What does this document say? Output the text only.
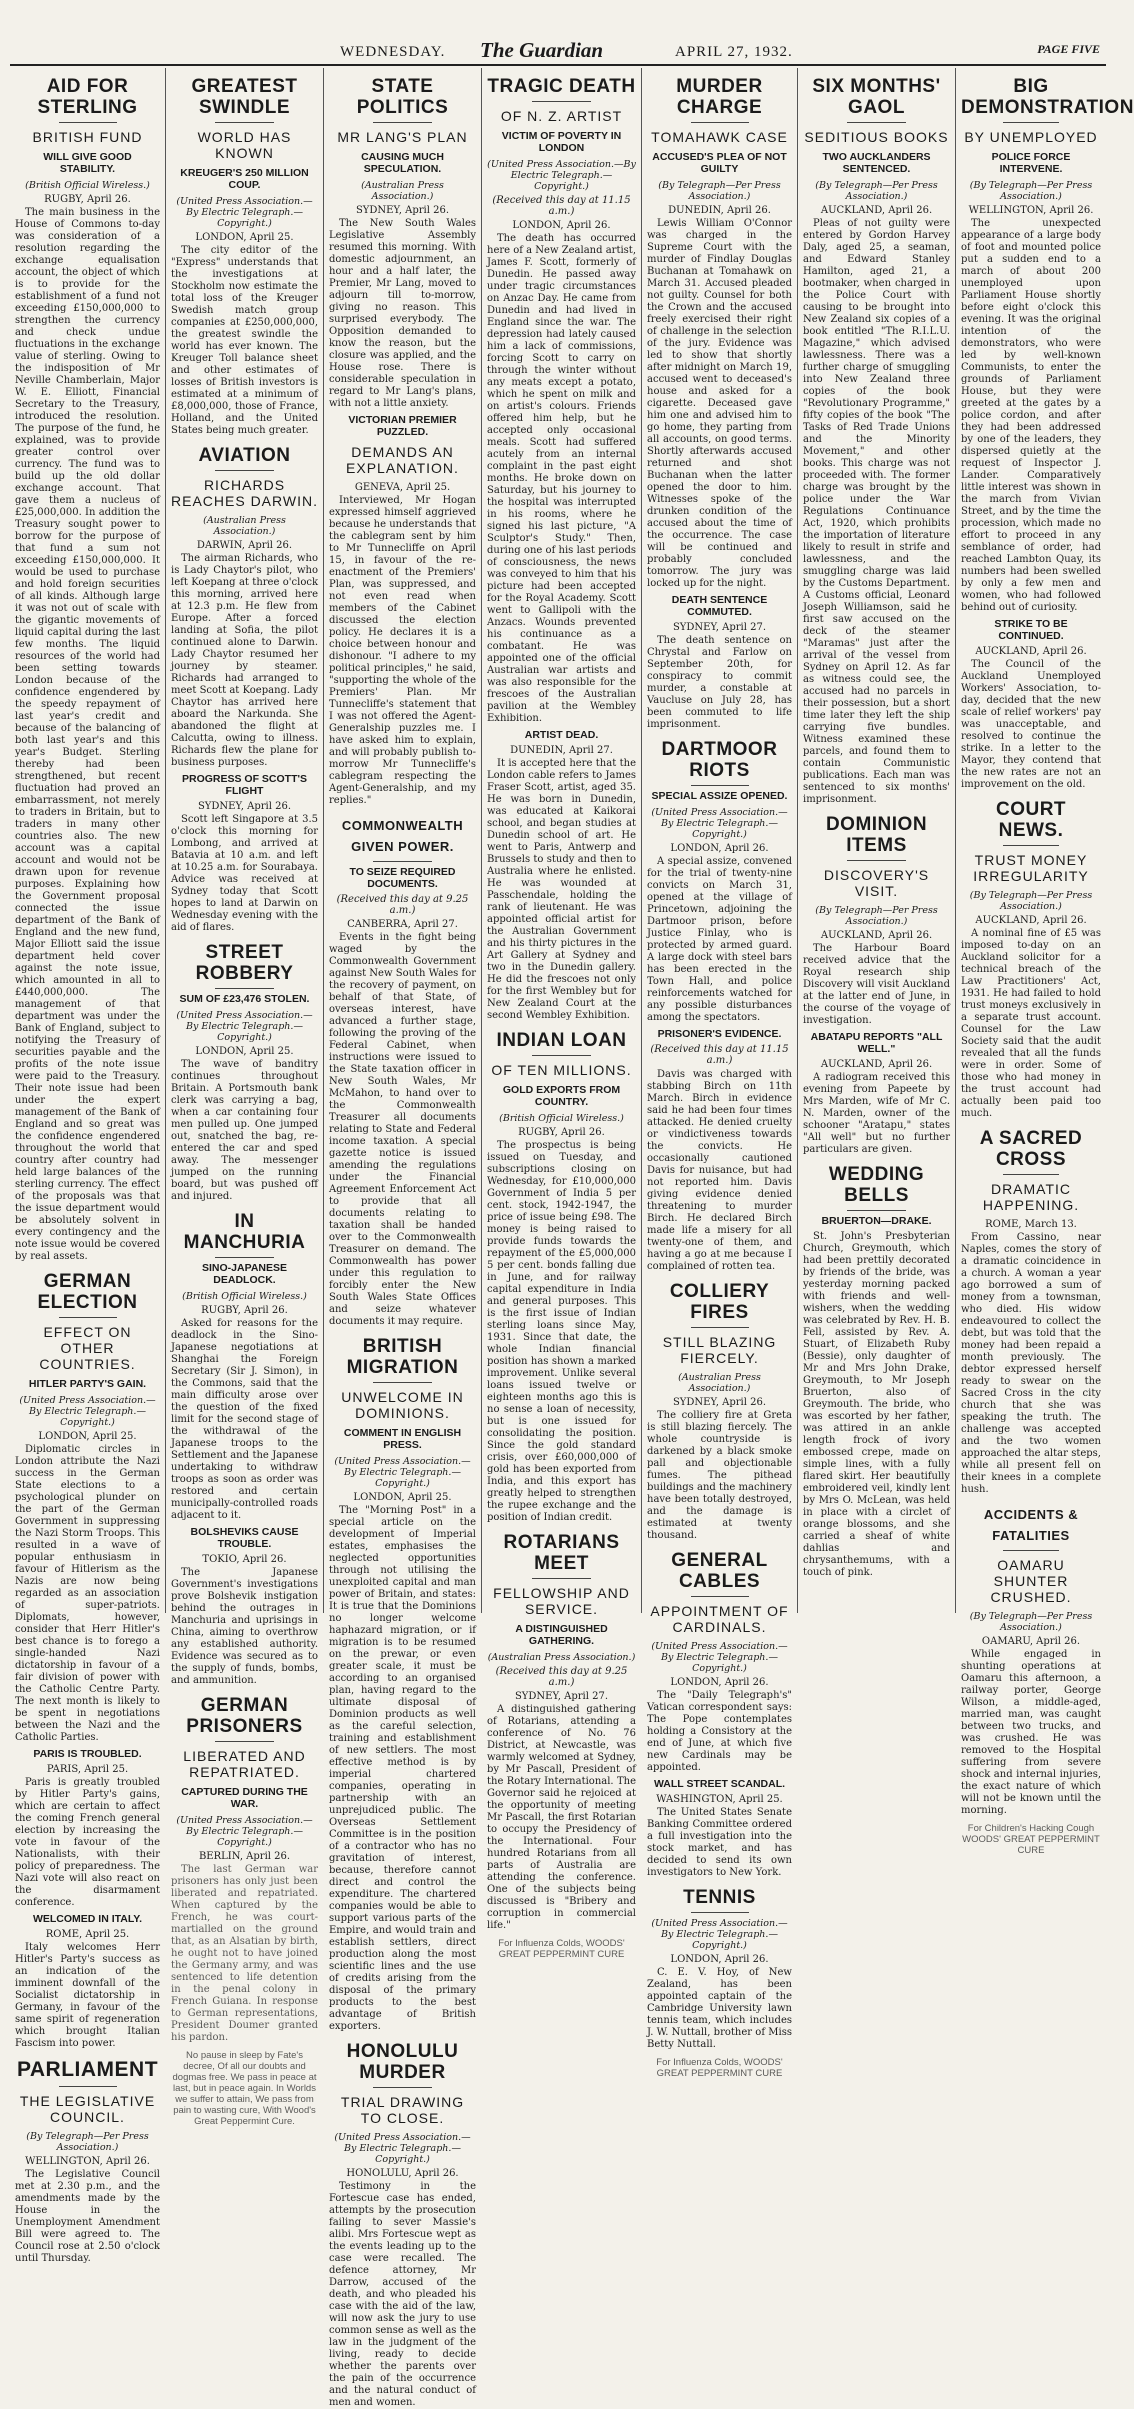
WEDNESDAY. The Guardian	APRIL 27, 1932.	PAGE FIVE
AID FOR STERLING
BRITISH FUND
WILL GIVE GOOD STABILITY.
(British Official Wireless.)
RUGBY, April 26.

The main business in the House of Commons to-day was consideration of a resolution regarding the exchange equalisation account, the object of which is to provide for the establishment of a fund not exceeding £150,000,000 to strengthen the currency and check undue fluctuations in the exchange value of sterling. Owing to the indisposition of Mr Neville Chamberlain, Major W. E. Elliott, Financial Secretary to the Treasury, introduced the resolution. The purpose of the fund, he explained, was to provide greater control over currency. The fund was to build up the old dollar exchange account. That gave them a nucleus of £25,000,000. In addition the Treasury sought power to borrow for the purpose of that fund a sum not exceeding £150,000,000. It would be used to purchase and hold foreign securities of all kinds. Although large it was not out of scale with the gigantic movements of liquid capital during the last few months. The liquid resources of the world had been setting towards London because of the confidence engendered by the speedy repayment of last year's credit and because of the balancing of both last year's and this year's Budget. Sterling thereby had been strengthened, but recent fluctuation had proved an embarrassment, not merely to traders in Britain, but to traders in many other countries also. The new account was a capital account and would not be drawn upon for revenue purposes. Explaining how the Government proposal connected the issue department of the Bank of England and the new fund, Major Elliott said the issue department held cover against the note issue, which amounted in all to £440,000,000. The management of that department was under the Bank of England, subject to notifying the Treasury of securities payable and the profits of the note issue were paid to the Treasury. Their note issue had been under the expert management of the Bank of England and so great was the confidence engendered throughout the world that country after country had held large balances of the sterling currency. The effect of the proposals was that the issue department would be absolutely solvent in every contingency and the note issue would be covered by real assets.

GERMAN ELECTION
EFFECT ON OTHER COUNTRIES.
HITLER PARTY'S GAIN.
(United Press Association.—By Electric Telegraph.—Copyright.)
LONDON, April 25.

Diplomatic circles in London attribute the Nazi success in the German State elections to a psychological plunder on the part of the German Government in suppressing the Nazi Storm Troops. This resulted in a wave of popular enthusiasm in favour of Hitlerism as the Nazis are now being regarded as an association of super-patriots. Diplomats, however, consider that Herr Hitler's best chance is to forego a single-handed Nazi dictatorship in favour of a fair division of power with the Catholic Centre Party. The next month is likely to be spent in negotiations between the Nazi and the Catholic Parties.

PARIS IS TROUBLED.
PARIS, April 25.

Paris is greatly troubled by Hitler Party's gains, which are certain to affect the coming French general election by increasing the vote in favour of the Nationalists, with their policy of preparedness. The Nazi vote will also react on the disarmament conference.

WELCOMED IN ITALY.
ROME, April 25.

Italy welcomes Herr Hitler's Party's success as an indication of the imminent downfall of the Socialist dictatorship in Germany, in favour of the same spirit of regeneration which brought Italian Fascism into power.

PARLIAMENT
THE LEGISLATIVE COUNCIL.
(By Telegraph—Per Press Association.)
WELLINGTON, April 26.

The Legislative Council met at 2.30 p.m., and the amendments made by the House in the Unemployment Amendment Bill were agreed to. The Council rose at 2.50 o'clock until Thursday.

GREATEST SWINDLE
WORLD HAS KNOWN
KREUGER'S 250 MILLION COUP.
(United Press Association.—By Electric Telegraph.—Copyright.)
LONDON, April 25.

The city editor of the "Express" understands that the investigations at Stockholm now estimate the total loss of the Kreuger Swedish match group companies at £250,000,000, the greatest swindle the world has ever known. The Kreuger Toll balance sheet and other estimates of losses of British investors is estimated at a minimum of £8,000,000, those of France, Holland, and the United States being much greater.

AVIATION
RICHARDS REACHES DARWIN.
(Australian Press Association.)
DARWIN, April 26.

The airman Richards, who is Lady Chaytor's pilot, who left Koepang at three o'clock this morning, arrived here at 12.3 p.m. He flew from Europe. After a forced landing at Sofia, the pilot continued alone to Darwin. Lady Chaytor resumed her journey by steamer. Richards had arranged to meet Scott at Koepang. Lady Chaytor has arrived here aboard the Narkunda. She abandoned the flight at Calcutta, owing to illness. Richards flew the plane for business purposes.

PROGRESS OF SCOTT'S FLIGHT
SYDNEY, April 26.

Scott left Singapore at 3.5 o'clock this morning for Lombong, and arrived at Batavia at 10 a.m. and left at 10.25 a.m. for Sourabaya. Advice was received at Sydney today that Scott hopes to land at Darwin on Wednesday evening with the aid of flares.

STREET ROBBERY
SUM OF £23,476 STOLEN.
(United Press Association.—By Electric Telegraph.—Copyright.)
LONDON, April 25.

The wave of banditry continues throughout Britain. A Portsmouth bank clerk was carrying a bag, when a car containing four men pulled up. One jumped out, snatched the bag, re-entered the car and sped away. The messenger jumped on the running board, but was pushed off and injured.

IN MANCHURIA
SINO-JAPANESE DEADLOCK.
(British Official Wireless.)
RUGBY, April 26.

Asked for reasons for the deadlock in the Sino-Japanese negotiations at Shanghai the Foreign Secretary (Sir J. Simon), in the Commons, said that the main difficulty arose over the question of the fixed limit for the second stage of the withdrawal of the Japanese troops to the Settlement and the Japanese undertaking to withdraw troops as soon as order was restored and certain municipally-controlled roads adjacent to it.

BOLSHEVIKS CAUSE TROUBLE.
TOKIO, April 26.

The Japanese Government's investigations prove Bolshevik instigation behind the outrages in Manchuria and uprisings in China, aiming to overthrow any established authority. Evidence was secured as to the supply of funds, bombs, and ammunition.

GERMAN PRISONERS
LIBERATED AND REPATRIATED.
CAPTURED DURING THE WAR.
(United Press Association.—By Electric Telegraph.—Copyright.)
BERLIN, April 26.

The last German war prisoners has only just been liberated and repatriated. When captured by the French, he was court-martialled on the ground that, as an Alsatian by birth, he ought not to have joined the Germany army, and was sentenced to life detention in the penal colony in French Guiana. In response to German representations, President Doumer granted his pardon.

No pause in sleep by Fate's decree, Of all our doubts and dogmas free. We pass in peace at last, but in peace again. In Worlds we suffer to attain, We pass from pain to wasting cure, With Wood's Great Peppermint Cure.
STATE POLITICS
MR LANG'S PLAN
CAUSING MUCH SPECULATION.
(Australian Press Association.)
SYDNEY, April 26.

The New South Wales Legislative Assembly resumed this morning. With domestic adjournment, an hour and a half later, the Premier, Mr Lang, moved to adjourn till to-morrow, giving no reason. This surprised everybody. The Opposition demanded to know the reason, but the closure was applied, and the House rose. There is considerable speculation in regard to Mr Lang's plans, with not a little anxiety.

VICTORIAN PREMIER PUZZLED.
DEMANDS AN EXPLANATION.
GENEVA, April 25.

Interviewed, Mr Hogan expressed himself aggrieved because he understands that the cablegram sent by him to Mr Tunnecliffe on April 15, in favour of the re-enactment of the Premiers' Plan, was suppressed, and not even read when members of the Cabinet discussed the election policy. He declares it is a choice between honour and dishonour. "I adhere to my political principles," he said, "supporting the whole of the Premiers' Plan. Mr Tunnecliffe's statement that I was not offered the Agent-Generalship puzzles me. I have asked him to explain, and will probably publish to-morrow Mr Tunnecliffe's cablegram respecting the Agent-Generalship, and my replies."

COMMONWEALTH GIVEN POWER.
TO SEIZE REQUIRED DOCUMENTS.
(Received this day at 9.25 a.m.)
CANBERRA, April 27.

Events in the fight being waged by the Commonwealth Government against New South Wales for the recovery of payment, on behalf of that State, of overseas interest, have advanced a further stage, following the proving of the Federal Cabinet, when instructions were issued to the State taxation officer in New South Wales, Mr McMahon, to hand over to the Commonwealth Treasurer all documents relating to State and Federal income taxation. A special gazette notice is issued amending the regulations under the Financial Agreement Enforcement Act to provide that all documents relating to taxation shall be handed over to the Commonwealth Treasurer on demand. The Commonwealth has power under this regulation to forcibly enter the New South Wales State Offices and seize whatever documents it may require.

BRITISH MIGRATION
UNWELCOME IN DOMINIONS.
COMMENT IN ENGLISH PRESS.
(United Press Association.—By Electric Telegraph.—Copyright.)
LONDON, April 25.

The "Morning Post" in a special article on the development of Imperial estates, emphasises the neglected opportunities through not utilising the unexploited capital and man power of Britain, and states: It is true that the Dominions no longer welcome haphazard migration, or if migration is to be resumed on the prewar, or even greater scale, it must be according to an organised plan, having regard to the ultimate disposal of Dominion products as well as the careful selection, training and establishment of new settlers. The most effective method is by imperial chartered companies, operating in partnership with an unprejudiced public. The Overseas Settlement Committee is in the position of a contractor who has no gravitation of interest, because, therefore cannot direct and control the expenditure. The chartered companies would be able to support various parts of the Empire, and would train and establish settlers, direct production along the most scientific lines and the use of credits arising from the disposal of the primary products to the best advantage of British exporters.

HONOLULU MURDER
TRIAL DRAWING TO CLOSE.
(United Press Association.—By Electric Telegraph.—Copyright.)
HONOLULU, April 26.

Testimony in the Fortescue case has ended, attempts by the prosecution failing to sever Massie's alibi. Mrs Fortescue wept as the events leading up to the case were recalled. The defence attorney, Mr Darrow, accused of the death, and who pleaded his case with the aid of the law, will now ask the jury to use common sense as well as the law in the judgment of the living, ready to decide whether the parents over the pain of the occurrence and the natural conduct of men and women.

TRAGIC DEATH
OF N. Z. ARTIST
VICTIM OF POVERTY IN LONDON
(United Press Association.—By Electric Telegraph.—Copyright.)
(Received this day at 11.15 a.m.)
LONDON, April 26.

The death has occurred here of a New Zealand artist, James F. Scott, formerly of Dunedin. He passed away under tragic circumstances on Anzac Day. He came from Dunedin and had lived in England since the war. The depression had lately caused him a lack of commissions, forcing Scott to carry on through the winter without any meats except a potato, which he spent on milk and on artist's colours. Friends offered him help, but he accepted only occasional meals. Scott had suffered acutely from an internal complaint in the past eight months. He broke down on Saturday, but his journey to the hospital was interrupted in his rooms, where he signed his last picture, "A Sculptor's Study." Then, during one of his last periods of consciousness, the news was conveyed to him that his picture had been accepted for the Royal Academy. Scott went to Gallipoli with the Anzacs. Wounds prevented his continuance as a combatant. He was appointed one of the official Australian war artists and was also responsible for the frescoes of the Australian pavilion at the Wembley Exhibition.

ARTIST DEAD.
DUNEDIN, April 27.

It is accepted here that the London cable refers to James Fraser Scott, artist, aged 35. He was born in Dunedin, was educated at Kaikorai school, and began studies at Dunedin school of art. He went to Paris, Antwerp and Brussels to study and then to Australia where he enlisted. He was wounded at Passchendale, holding the rank of lieutenant. He was appointed official artist for the Australian Government and his thirty pictures in the Art Gallery at Sydney and two in the Dunedin gallery. He did the frescoes not only for the first Wembley but for New Zealand Court at the second Wembley Exhibition.

INDIAN LOAN
OF TEN MILLIONS.
GOLD EXPORTS FROM COUNTRY.
(British Official Wireless.)
RUGBY, April 26.

The prospectus is being issued on Tuesday, and subscriptions closing on Wednesday, for £10,000,000 Government of India 5 per cent. stock, 1942-1947, the price of issue being £98. The money is being raised to provide funds towards the repayment of the £5,000,000 5 per cent. bonds falling due in June, and for railway capital expenditure in India and general purposes. This is the first issue of Indian sterling loans since May, 1931. Since that date, the whole Indian financial position has shown a marked improvement. Unlike several loans issued twelve or eighteen months ago this is no sense a loan of necessity, but is one issued for consolidating the position. Since the gold standard crisis, over £60,000,000 of gold has been exported from India, and this export has greatly helped to strengthen the rupee exchange and the position of Indian credit.

ROTARIANS MEET
FELLOWSHIP AND SERVICE.
A DISTINGUISHED GATHERING.
(Australian Press Association.)
(Received this day at 9.25 a.m.)
SYDNEY, April 27.

A distinguished gathering of Rotarians, attending a conference of No. 76 District, at Newcastle, was warmly welcomed at Sydney, by Mr Pascall, President of the Rotary International. The Governor said he rejoiced at the opportunity of meeting Mr Pascall, the first Rotarian to occupy the Presidency of the International. Four hundred Rotarians from all parts of Australia are attending the conference. One of the subjects being discussed is "Bribery and corruption in commercial life."

For Influenza Colds, WOODS' GREAT PEPPERMINT CURE
MURDER CHARGE
TOMAHAWK CASE
ACCUSED'S PLEA OF NOT GUILTY
(By Telegraph—Per Press Association.)
DUNEDIN, April 26.

Lewis William O'Connor was charged in the Supreme Court with the murder of Findlay Douglas Buchanan at Tomahawk on March 31. Accused pleaded not guilty. Counsel for both the Crown and the accused freely exercised their right of challenge in the selection of the jury. Evidence was led to show that shortly after midnight on March 19, accused went to deceased's house and asked for a cigarette. Deceased gave him one and advised him to go home, they parting from all accounts, on good terms. Shortly afterwards accused returned and shot Buchanan when the latter opened the door to him. Witnesses spoke of the drunken condition of the accused about the time of the occurrence. The case will be continued and probably concluded tomorrow. The jury was locked up for the night.

DEATH SENTENCE COMMUTED.
SYDNEY, April 27.

The death sentence on Chrystal and Farlow on September 20th, for conspiracy to commit murder, a constable at Vaucluse on July 28, has been commuted to life imprisonment.

DARTMOOR RIOTS
SPECIAL ASSIZE OPENED.
(United Press Association.—By Electric Telegraph.—Copyright.)
LONDON, April 26.

A special assize, convened for the trial of twenty-nine convicts on March 31, opened at the village of Princetown, adjoining the Dartmoor prison, before Justice Finlay, who is protected by armed guard. A large dock with steel bars has been erected in the Town Hall, and police reinforcements watched for any possible disturbances among the spectators.

PRISONER'S EVIDENCE.
(Received this day at 11.15 a.m.)

Davis was charged with stabbing Birch on 11th March. Birch in evidence said he had been four times attacked. He denied cruelty or vindictiveness towards the convicts. He occasionally cautioned Davis for nuisance, but had not reported him. Davis giving evidence denied threatening to murder Birch. He declared Birch made life a misery for all twenty-one of them, and having a go at me because I complained of rotten tea.

COLLIERY FIRES
STILL BLAZING FIERCELY.
(Australian Press Association.)
SYDNEY, April 26.

The colliery fire at Greta is still blazing fiercely. The whole countryside is darkened by a black smoke pall and objectionable fumes. The pithead buildings and the machinery have been totally destroyed, and the damage is estimated at twenty thousand.

GENERAL CABLES
APPOINTMENT OF CARDINALS.
(United Press Association.—By Electric Telegraph.—Copyright.)
LONDON, April 26.

The "Daily Telegraph's" Vatican correspondent says: The Pope contemplates holding a Consistory at the end of June, at which five new Cardinals may be appointed.

WALL STREET SCANDAL.
WASHINGTON, April 25.

The United States Senate Banking Committee ordered a full investigation into the stock market, and has decided to send its own investigators to New York.

TENNIS
(United Press Association.—By Electric Telegraph.—Copyright.)
LONDON, April 26.

C. E. V. Hoy, of New Zealand, has been appointed captain of the Cambridge University lawn tennis team, which includes J. W. Nuttall, brother of Miss Betty Nuttall.

For Influenza Colds, WOODS' GREAT PEPPERMINT CURE
SIX MONTHS' GAOL
SEDITIOUS BOOKS
TWO AUCKLANDERS SENTENCED.
(By Telegraph—Per Press Association.)
AUCKLAND, April 26.

Pleas of not guilty were entered by Gordon Harvey Daly, aged 25, a seaman, and Edward Stanley Hamilton, aged 21, a bootmaker, when charged in the Police Court with causing to be brought into New Zealand six copies of a book entitled "The R.I.L.U. Magazine," which advised lawlessness. There was a further charge of smuggling into New Zealand three copies of the book "Revolutionary Programme," fifty copies of the book "The Tasks of Red Trade Unions and the Minority Movement," and other books. This charge was not proceeded with. The former charge was brought by the police under the War Regulations Continuance Act, 1920, which prohibits the importation of literature likely to result in strife and lawlessness, and the smuggling charge was laid by the Customs Department. A Customs official, Leonard Joseph Williamson, said he first saw accused on the deck of the steamer "Maramas" just after the arrival of the vessel from Sydney on April 12. As far as witness could see, the accused had no parcels in their possession, but a short time later they left the ship carrying five bundles. Witness examined these parcels, and found them to contain Communistic publications. Each man was sentenced to six months' imprisonment.

DOMINION ITEMS
DISCOVERY'S VISIT.
(By Telegraph—Per Press Association.)
AUCKLAND, April 26.

The Harbour Board received advice that the Royal research ship Discovery will visit Auckland at the latter end of June, in the course of the voyage of investigation.

ABATAPU REPORTS "ALL WELL."
AUCKLAND, April 26.

A radiogram received this evening from Papeete by Mrs Marden, wife of Mr C. N. Marden, owner of the schooner "Aratapu," states "All well" but no further particulars are given.

WEDDING BELLS
BRUERTON—DRAKE.

St. John's Presbyterian Church, Greymouth, which had been prettily decorated by friends of the bride, was yesterday morning packed with friends and well-wishers, when the wedding was celebrated by Rev. H. B. Fell, assisted by Rev. A. Stuart, of Elizabeth Ruby (Bessie), only daughter of Mr and Mrs John Drake, Greymouth, to Mr Joseph Bruerton, also of Greymouth. The bride, who was escorted by her father, was attired in an ankle length frock of ivory embossed crepe, made on simple lines, with a fully flared skirt. Her beautifully embroidered veil, kindly lent by Mrs O. McLean, was held in place with a circlet of orange blossoms, and she carried a sheaf of white dahlias and chrysanthemums, with a touch of pink.

BIG DEMONSTRATION
BY UNEMPLOYED
POLICE FORCE INTERVENE.
(By Telegraph—Per Press Association.)
WELLINGTON, April 26.

The unexpected appearance of a large body of foot and mounted police put a sudden end to a march of about 200 unemployed upon Parliament House shortly before eight o'clock this evening. It was the original intention of the demonstrators, who were led by well-known Communists, to enter the grounds of Parliament House, but they were greeted at the gates by a police cordon, and after they had been addressed by one of the leaders, they dispersed quietly at the request of Inspector J. Lander. Comparatively little interest was shown in the march from Vivian Street, and by the time the procession, which made no effort to proceed in any semblance of order, had reached Lambton Quay, its numbers had been swelled by only a few men and women, who had followed behind out of curiosity.

STRIKE TO BE CONTINUED.
AUCKLAND, April 26.

The Council of the Auckland Unemployed Workers' Association, to-day, decided that the new scale of relief workers' pay was unacceptable, and resolved to continue the strike. In a letter to the Mayor, they contend that the new rates are not an improvement on the old.

COURT NEWS.
TRUST MONEY IRREGULARITY
(By Telegraph—Per Press Association.)
AUCKLAND, April 26.

A nominal fine of £5 was imposed to-day on an Auckland solicitor for a technical breach of the Law Practitioners' Act, 1931. He had failed to hold trust moneys exclusively in a separate trust account. Counsel for the Law Society said that the audit revealed that all the funds were in order. Some of those who had money in the trust account had actually been paid too much.

A SACRED CROSS
DRAMATIC HAPPENING.
ROME, March 13.

From Cassino, near Naples, comes the story of a dramatic coincidence in a church. A woman a year ago borrowed a sum of money from a townsman, who died. His widow endeavoured to collect the debt, but was told that the money had been repaid a month previously. The debtor expressed herself ready to swear on the Sacred Cross in the city church that she was speaking the truth. The challenge was accepted and the two women approached the altar steps, while all present fell on their knees in a complete hush.

ACCIDENTS & FATALITIES
OAMARU SHUNTER CRUSHED.
(By Telegraph—Per Press Association.)
OAMARU, April 26.

While engaged in shunting operations at Oamaru this afternoon, a railway porter, George Wilson, a middle-aged, married man, was caught between two trucks, and was crushed. He was removed to the Hospital suffering from severe shock and internal injuries, the exact nature of which will not be known until the morning.

For Children's Hacking Cough WOODS' GREAT PEPPERMINT CURE
